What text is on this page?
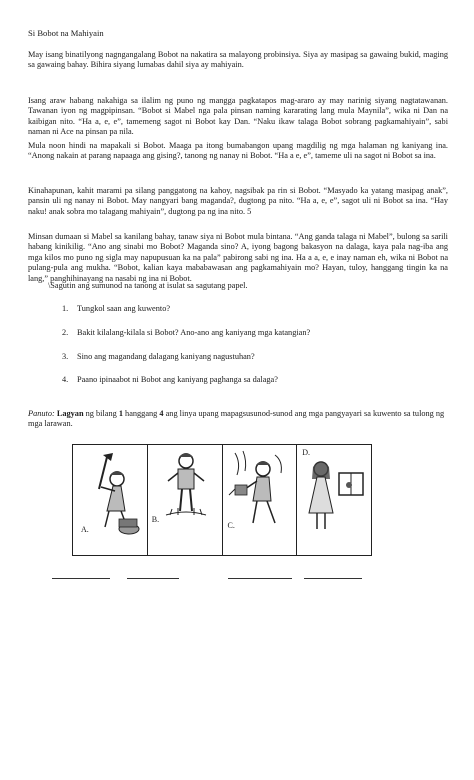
Si Bobot na Mahiyain

May isang binatilyong nagngangalang Bobot na nakatira sa malayong probinsiya. Siya ay masipag sa gawaing bukid, maging sa gawaing bahay. Bihira siyang lumabas dahil siya ay mahiyain.

Isang araw habang nakahiga sa ilalim ng puno ng mangga pagkatapos mag-araro ay may narinig siyang nagtatawanan. Tawanan iyon ng magpipinsan. “Bobot si Mabel nga pala pinsan naming kararating lang mula Maynila”, wika ni Dan na kaibigan nito. “Ha a, e, e”, tamemeng sagot ni Bobot kay Dan. “Naku ikaw talaga Bobot sobrang pagkamahiyain”, sabi naman ni Ace na pinsan pa nila.

Mula noon hindi na mapakali si Bobot. Maaga pa itong bumabangon upang magdilig ng mga halaman ng kaniyang ina. “Anong nakain at parang napaaga ang gising?, tanong ng nanay ni Bobot. “Ha a e, e”, tameme uli na sagot ni Bobot sa ina.

Kinahapunan, kahit marami pa silang panggatong na kahoy, nagsibak pa rin si Bobot. “Masyado ka yatang masipag anak”, pansin uli ng nanay ni Bobot. May nangyari bang maganda?, dugtong pa nito. “Ha a, e, e”, sagot uli ni Bobot sa ina. “Hay naku! anak sobra mo talagang mahiyain”, dugtong pa ng ina nito. 5

Minsan dumaan si Mabel sa kanilang bahay, tanaw siya ni Bobot mula bintana. “Ang ganda talaga ni Mabel”, bulong sa sarili habang kinikilig. “Ano ang sinabi mo Bobot? Maganda sino? A, iyong bagong bakasyon na dalaga, kaya pala nag-iba ang mga kilos mo puno ng sigla may napupusuan ka na pala” pabirong sabi ng ina. Ha a a, e, e inay naman eh, wika ni Bobot na pulang-pula ang mukha. “Bobot, kalian kaya mababawasan ang pagkamahiyain mo? Hayan, tuloy, hanggang tingin ka na lang,” panghihinayang na nasabi ng ina ni Bobot.

\Sagutin ang sumunod na tanong at isulat sa sagutang papel.
1. Tungkol saan ang kuwento?
2. Bakit kilalang-kilala si Bobot? Ano-ano ang kaniyang mga katangian?
3. Sino ang magandang dalagang kaniyang nagustuhan?
4. Paano ipinaabot ni Bobot ang kaniyang paghanga sa dalaga?
Panuto: Lagyan ng bilang 1 hanggang 4 ang linya upang mapagsusunod-sunod ang mga pangyayari sa kuwento sa tulong ng mga larawan.
A.
B.
C.
D.
